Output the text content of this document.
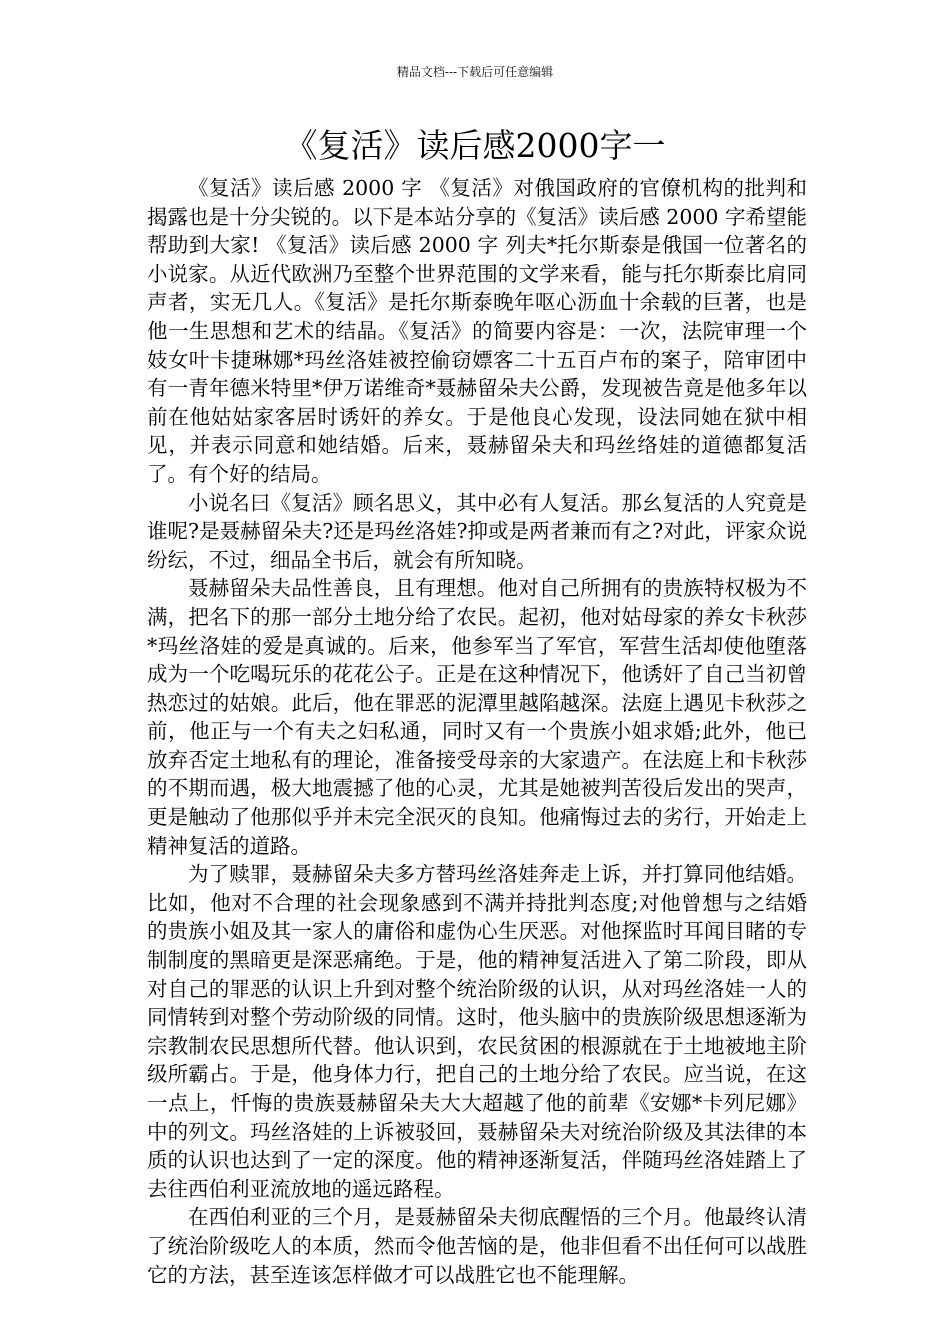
精品文档---下载后可任意编辑
《复活》读后感2000字一

《复活》读后感 2000 字 《复活》对俄国政府的官僚机构的批判和揭露也是十分尖锐的。以下是本站分享的《复活》读后感 2000 字希望能帮助到大家! 《复活》读后感 2000 字 列夫*托尔斯泰是俄国一位著名的小说家。从近代欧洲乃至整个世界范围的文学来看，能与托尔斯泰比肩同声者，实无几人。《复活》是托尔斯泰晚年呕心沥血十余载的巨著，也是他一生思想和艺术的结晶。《复活》的简要内容是：一次，法院审理一个妓女叶卡捷琳娜*玛丝洛娃被控偷窃嫖客二十五百卢布的案子，陪审团中有一青年德米特里*伊万诺维奇*聂赫留朵夫公爵，发现被告竟是他多年以前在他姑姑家客居时诱奸的养女。于是他良心发现，设法同她在狱中相见，并表示同意和她结婚。后来，聂赫留朵夫和玛丝络娃的道德都复活了。有个好的结局。

小说名曰《复活》顾名思义，其中必有人复活。那幺复活的人究竟是谁呢?是聂赫留朵夫?还是玛丝洛娃?抑或是两者兼而有之?对此，评家众说纷纭，不过，细品全书后，就会有所知晓。

聂赫留朵夫品性善良，且有理想。他对自己所拥有的贵族特权极为不满，把名下的那一部分土地分给了农民。起初，他对姑母家的养女卡秋莎*玛丝洛娃的爱是真诚的。后来，他参军当了军官，军营生活却使他堕落成为一个吃喝玩乐的花花公子。正是在这种情况下，他诱奸了自己当初曾热恋过的姑娘。此后，他在罪恶的泥潭里越陷越深。法庭上遇见卡秋莎之前，他正与一个有夫之妇私通，同时又有一个贵族小姐求婚;此外，他已放弃否定土地私有的理论，准备接受母亲的大家遗产。在法庭上和卡秋莎的不期而遇，极大地震撼了他的心灵，尤其是她被判苦役后发出的哭声，更是触动了他那似乎并未完全泯灭的良知。他痛悔过去的劣行，开始走上精神复活的道路。

为了赎罪，聂赫留朵夫多方替玛丝洛娃奔走上诉，并打算同他结婚。比如，他对不合理的社会现象感到不满并持批判态度;对他曾想与之结婚的贵族小姐及其一家人的庸俗和虚伪心生厌恶。对他探监时耳闻目睹的专制制度的黑暗更是深恶痛绝。于是，他的精神复活进入了第二阶段，即从对自己的罪恶的认识上升到对整个统治阶级的认识，从对玛丝洛娃一人的同情转到对整个劳动阶级的同情。这时，他头脑中的贵族阶级思想逐渐为宗教制农民思想所代替。他认识到，农民贫困的根源就在于土地被地主阶级所霸占。于是，他身体力行，把自己的土地分给了农民。应当说，在这一点上，忏悔的贵族聂赫留朵夫大大超越了他的前辈《安娜*卡列尼娜》中的列文。玛丝洛娃的上诉被驳回，聂赫留朵夫对统治阶级及其法律的本质的认识也达到了一定的深度。他的精神逐渐复活，伴随玛丝洛娃踏上了去往西伯利亚流放地的遥远路程。

在西伯利亚的三个月，是聂赫留朵夫彻底醒悟的三个月。他最终认清了统治阶级吃人的本质，然而令他苦恼的是，他非但看不出任何可以战胜它的方法，甚至连该怎样做才可以战胜它也不能理解。
